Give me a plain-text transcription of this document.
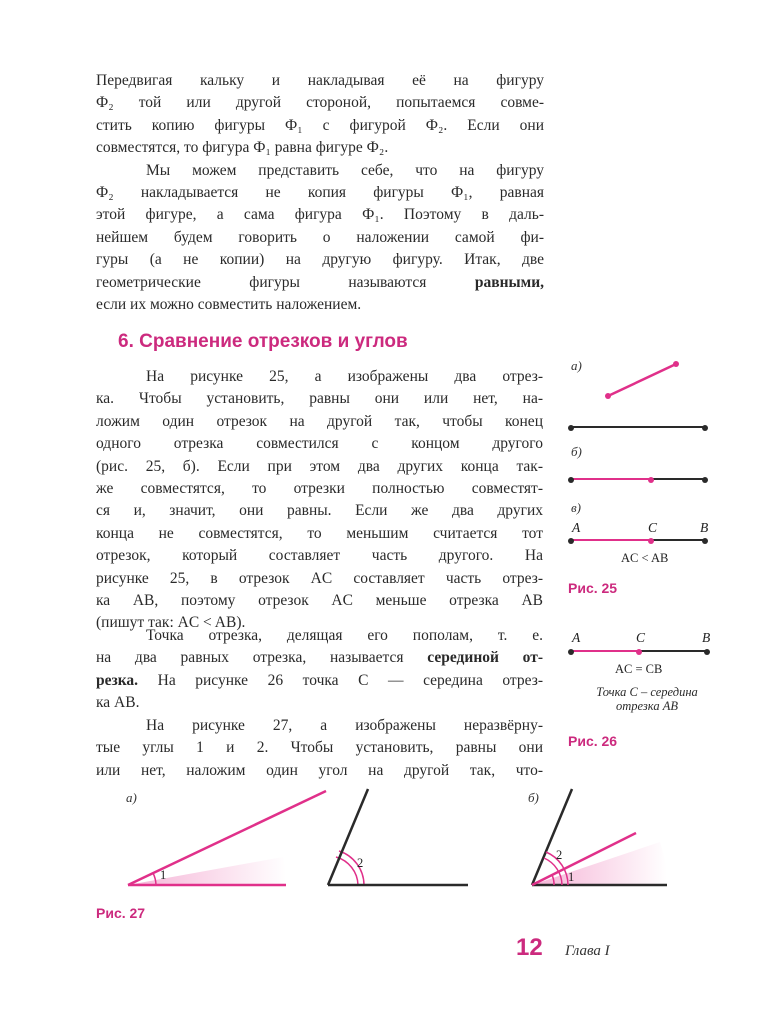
Передвигая кальку и накладывая её на фигуру
Ф₂ той или другой стороной, попытаемся совме-
стить копию фигуры Ф₁ с фигурой Ф₂. Если они
совместятся, то фигура Ф₁ равна фигуре Ф₂.
Мы можем представить себе, что на фигуру
Ф₂ накладывается не копия фигуры Ф₁, равная
этой фигуре, а сама фигура Ф₁. Поэтому в даль-
нейшем будем говорить о наложении самой фи-
гуры (а не копии) на другую фигуру. Итак, две
геометрические фигуры называются	равными,
если их можно совместить наложением.
6. Сравнение отрезков и углов
На рисунке 25, а изображены два отрез-
ка. Чтобы установить, равны они или нет, на-
ложим один отрезок на другой так, чтобы конец
одного отрезка совместился с концом другого
(рис. 25, б). Если при этом два других конца так-
же совместятся, то отрезки полностью совместят-
ся и, значит, они равны. Если же два других
конца не совместятся, то меньшим считается тот
отрезок, который составляет часть другого. На
рисунке 25, в отрезок AC составляет часть отрез-
ка AB, поэтому отрезок AC меньше отрезка AB
(пишут так: AC < AB).
Точка отрезка, делящая его пополам, т. е.
на два равных отрезка, называется серединой от-
резка. На рисунке 26 точка C — середина отрез-
ка AB.
На рисунке 27, а изображены неразвёрну-
тые углы 1 и 2. Чтобы установить, равны они
или нет, наложим один угол на другой так, что-
а)
б)
в)
A	C	B
AC < AB
Рис. 25
A	C	B
AC = CB
Точка C – середина
отрезка AB
Рис. 26
а)
1
2
б)
2
1
Рис. 27
12 Глава I
